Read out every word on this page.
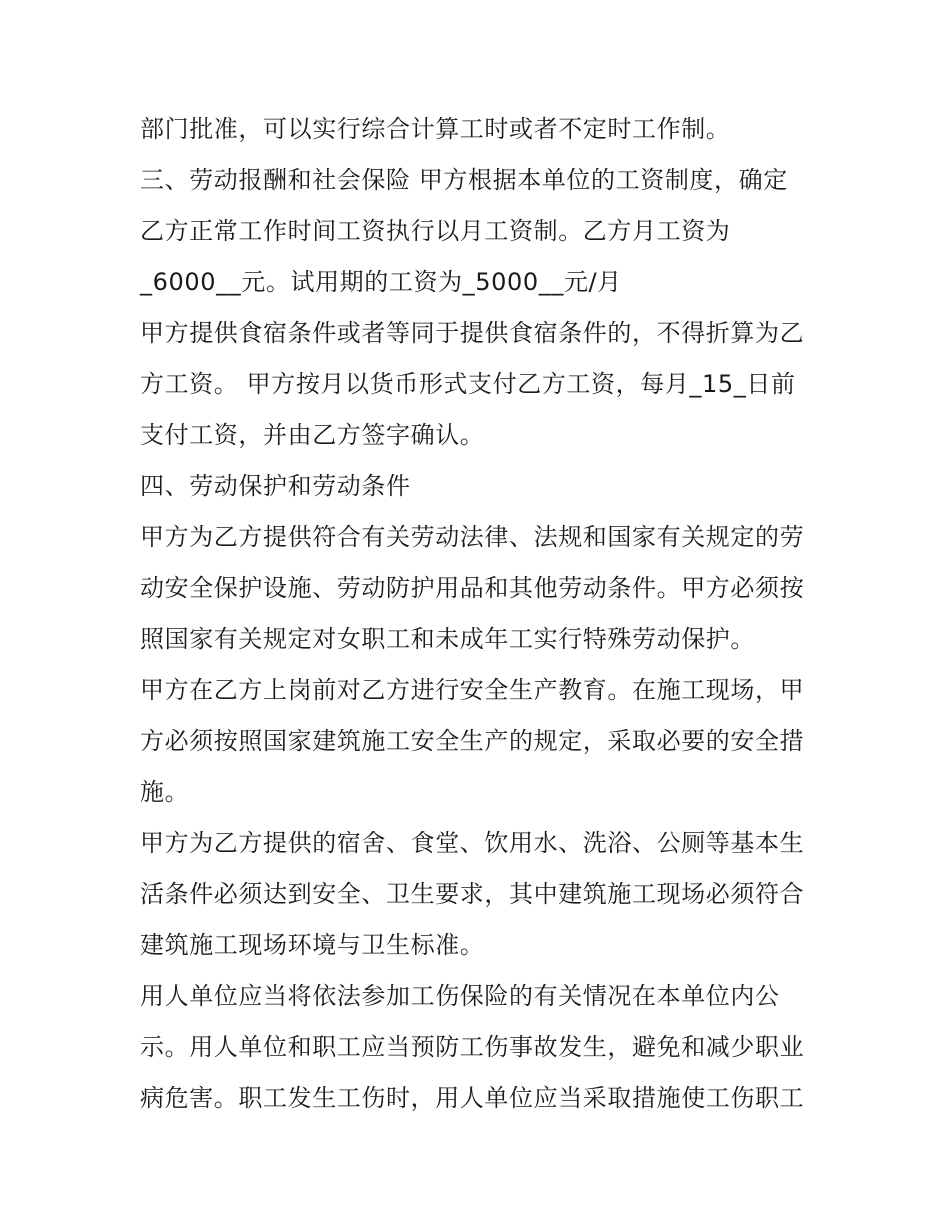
部门批准，可以实行综合计算工时或者不定时工作制。
三、劳动报酬和社会保险 甲方根据本单位的工资制度，确定
乙方正常工作时间工资执行以月工资制。乙方月工资为
_6000__元。试用期的工资为_5000__元/月
甲方提供食宿条件或者等同于提供食宿条件的，不得折算为乙
方工资。 甲方按月以货币形式支付乙方工资，每月_15_日前
支付工资，并由乙方签字确认。
四、劳动保护和劳动条件
甲方为乙方提供符合有关劳动法律、法规和国家有关规定的劳
动安全保护设施、劳动防护用品和其他劳动条件。甲方必须按
照国家有关规定对女职工和未成年工实行特殊劳动保护。
甲方在乙方上岗前对乙方进行安全生产教育。在施工现场，甲
方必须按照国家建筑施工安全生产的规定，采取必要的安全措
施。
甲方为乙方提供的宿舍、食堂、饮用水、洗浴、公厕等基本生
活条件必须达到安全、卫生要求，其中建筑施工现场必须符合
建筑施工现场环境与卫生标准。
用人单位应当将依法参加工伤保险的有关情况在本单位内公
示。用人单位和职工应当预防工伤事故发生，避免和减少职业
病危害。职工发生工伤时，用人单位应当采取措施使工伤职工
